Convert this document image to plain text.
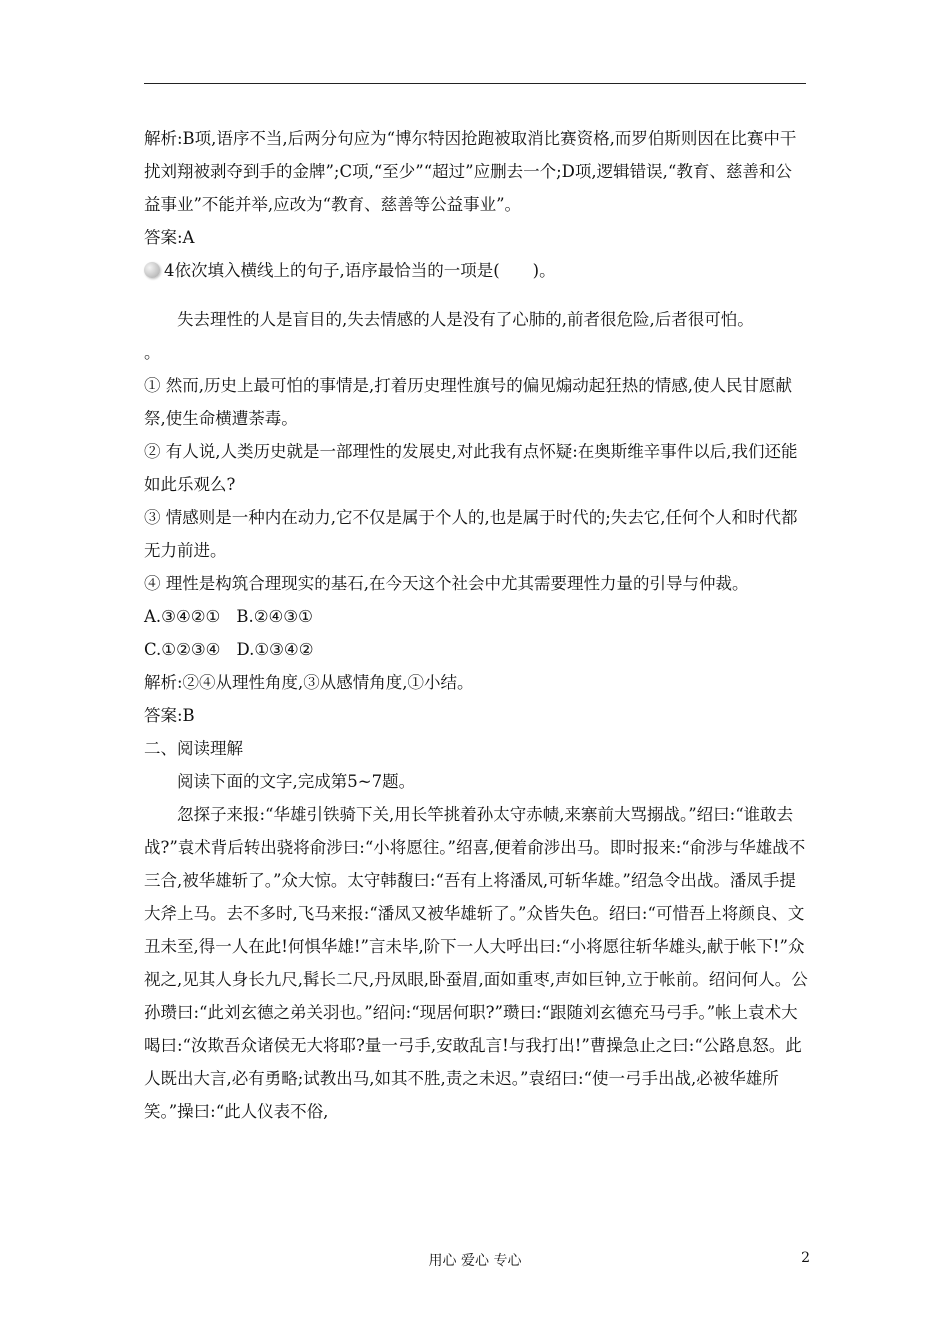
解析:B项,语序不当,后两分句应为“博尔特因抢跑被取消比赛资格,而罗伯斯则因在比赛中干扰刘翔被剥夺到手的金牌”;C项,“至少”“超过”应删去一个;D项,逻辑错误,“教育、慈善和公益事业”不能并举,应改为“教育、慈善等公益事业”。

答案:A

4依次填入横线上的句子,语序最恰当的一项是(　　)。

失去理性的人是盲目的,失去情感的人是没有了心肺的,前者很危险,后者很可怕。

。

① 然而,历史上最可怕的事情是,打着历史理性旗号的偏见煽动起狂热的情感,使人民甘愿献祭,使生命横遭荼毒。

② 有人说,人类历史就是一部理性的发展史,对此我有点怀疑:在奥斯维辛事件以后,我们还能如此乐观么?

③ 情感则是一种内在动力,它不仅是属于个人的,也是属于时代的;失去它,任何个人和时代都无力前进。

④ 理性是构筑合理现实的基石,在今天这个社会中尤其需要理性力量的引导与仲裁。

A.③④②① B.②④③①

C.①②③④ D.①③④②

解析:②④从理性角度,③从感情角度,①小结。

答案:B

二、阅读理解

阅读下面的文字,完成第5~7题。

忽探子来报:“华雄引铁骑下关,用长竿挑着孙太守赤帻,来寨前大骂搦战。”绍曰:“谁敢去战?”袁术背后转出骁将俞涉曰:“小将愿往。”绍喜,便着俞涉出马。即时报来:“俞涉与华雄战不三合,被华雄斩了。”众大惊。太守韩馥曰:“吾有上将潘凤,可斩华雄。”绍急令出战。潘凤手提大斧上马。去不多时,飞马来报:“潘凤又被华雄斩了。”众皆失色。绍曰:“可惜吾上将颜良、文丑未至,得一人在此!何惧华雄!”言未毕,阶下一人大呼出曰:“小将愿往斩华雄头,献于帐下!”众视之,见其人身长九尺,髯长二尺,丹凤眼,卧蚕眉,面如重枣,声如巨钟,立于帐前。绍问何人。公孙瓒曰:“此刘玄德之弟关羽也。”绍问:“现居何职?”瓒曰:“跟随刘玄德充马弓手。”帐上袁术大喝曰:“汝欺吾众诸侯无大将耶?量一弓手,安敢乱言!与我打出!”曹操急止之曰:“公路息怒。此人既出大言,必有勇略;试教出马,如其不胜,责之未迟。”袁绍曰:“使一弓手出战,必被华雄所笑。”操曰:“此人仪表不俗,

用心 爱心 专心	2
